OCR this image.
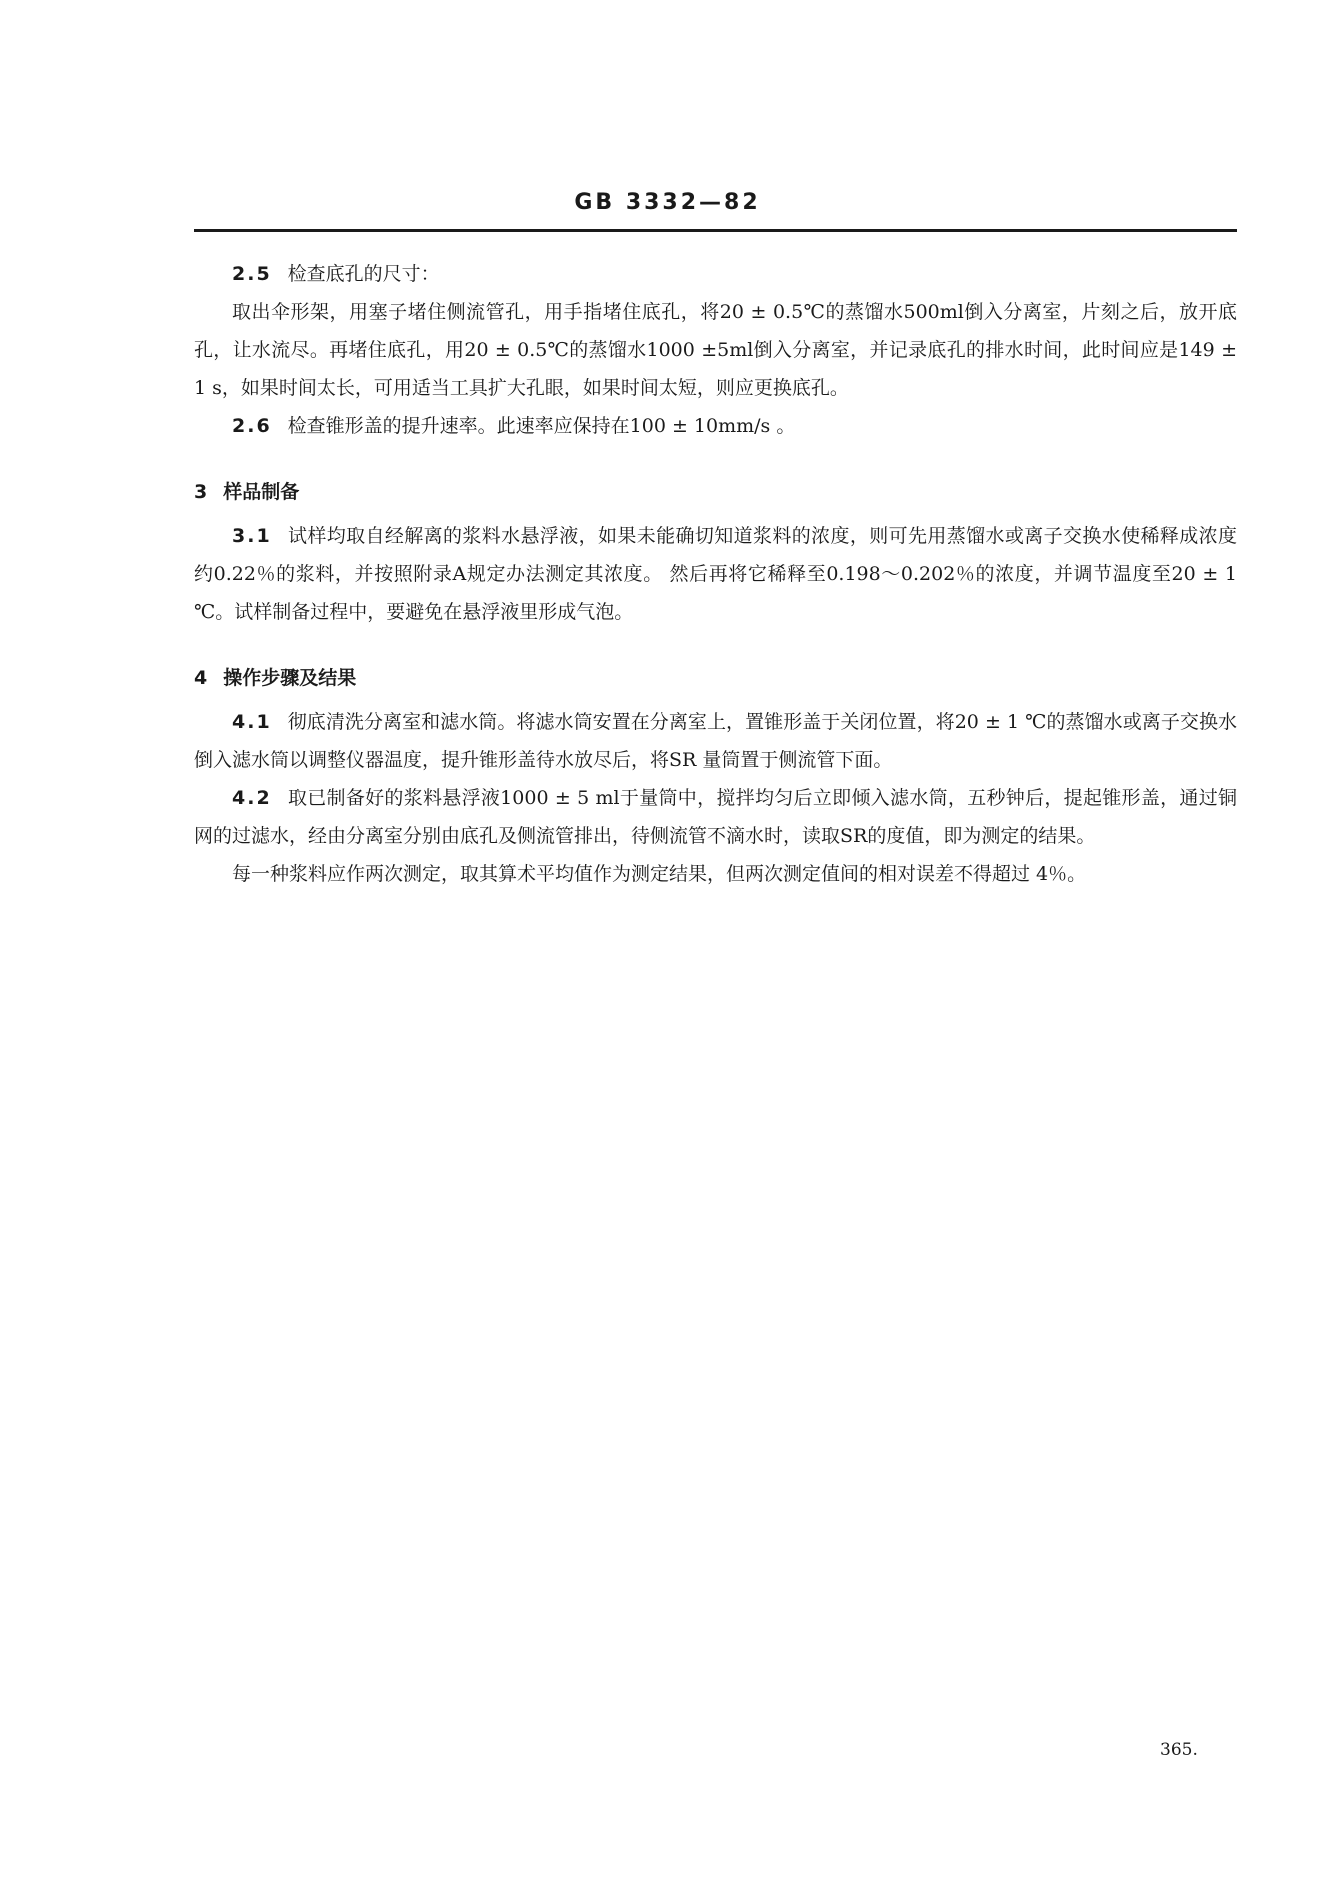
GB 3332—82

2.5 检查底孔的尺寸：

取出伞形架，用塞子堵住侧流管孔，用手指堵住底孔，将20 ± 0.5℃的蒸馏水500ml倒入分离室，片刻之后，放开底孔，让水流尽。再堵住底孔，用20 ± 0.5℃的蒸馏水1000 ±5ml倒入分离室，并记录底孔的排水时间，此时间应是149 ± 1 s，如果时间太长，可用适当工具扩大孔眼，如果时间太短，则应更换底孔。

2.6 检查锥形盖的提升速率。此速率应保持在100 ± 10mm/s 。

3 样品制备

3.1 试样均取自经解离的浆料水悬浮液，如果未能确切知道浆料的浓度，则可先用蒸馏水或离子交换水使稀释成浓度约0.22％的浆料，并按照附录A规定办法测定其浓度。 然后再将它稀释至0.198～0.202％的浓度，并调节温度至20 ± 1 ℃。试样制备过程中，要避免在悬浮液里形成气泡。

4 操作步骤及结果

4.1 彻底清洗分离室和滤水筒。将滤水筒安置在分离室上，置锥形盖于关闭位置，将20 ± 1 ℃的蒸馏水或离子交换水倒入滤水筒以调整仪器温度，提升锥形盖待水放尽后，将SR 量筒置于侧流管下面。

4.2 取已制备好的浆料悬浮液1000 ± 5 ml于量筒中，搅拌均匀后立即倾入滤水筒，五秒钟后，提起锥形盖，通过铜网的过滤水，经由分离室分别由底孔及侧流管排出，待侧流管不滴水时，读取SR的度值，即为测定的结果。

每一种浆料应作两次测定，取其算术平均值作为测定结果，但两次测定值间的相对误差不得超过 4％。

365.
